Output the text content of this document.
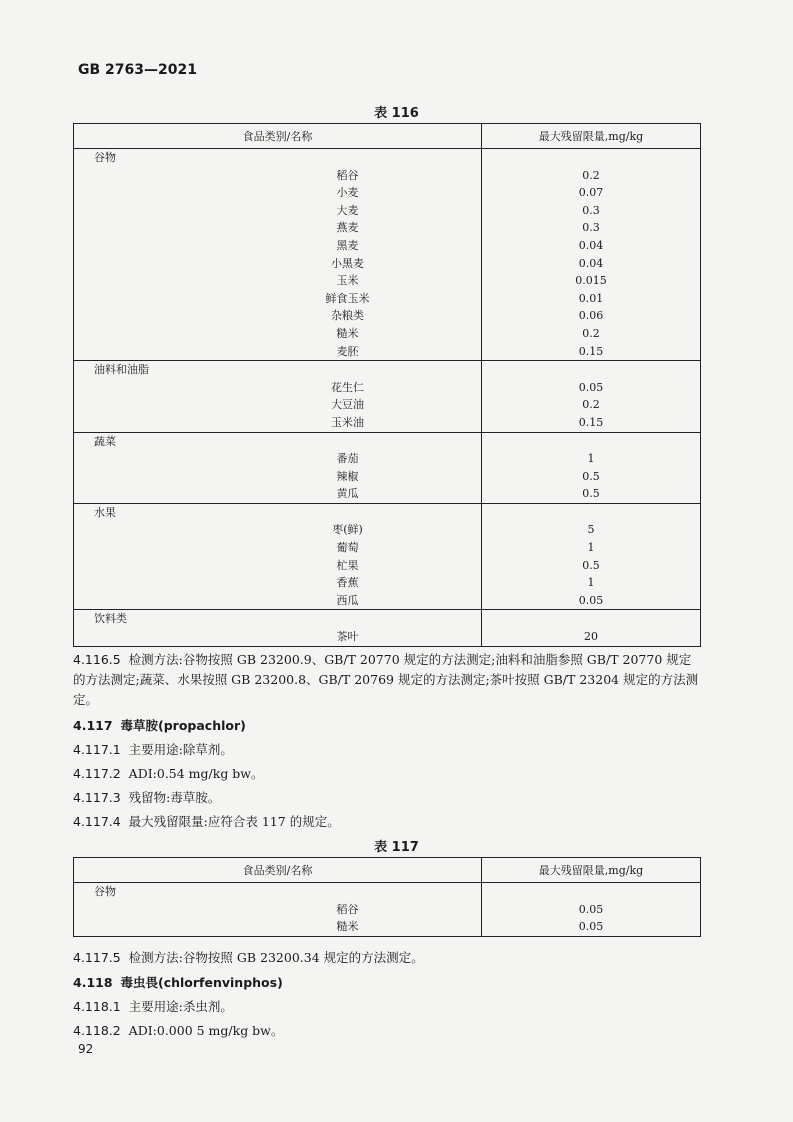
GB 2763—2021
表 116
食品类别/名称	最大残留限量,mg/kg
谷物	
稻谷	0.2
小麦	0.07
大麦	0.3
燕麦	0.3
黑麦	0.04
小黑麦	0.04
玉米	0.015
鲜食玉米	0.01
杂粮类	0.06
糙米	0.2
麦胚	0.15
油料和油脂	
花生仁	0.05
大豆油	0.2
玉米油	0.15
蔬菜	
番茄	1
辣椒	0.5
黄瓜	0.5
水果	
枣(鲜)	5
葡萄	1
杧果	0.5
香蕉	1
西瓜	0.05
饮料类	
茶叶	20
4.116.5 检测方法:谷物按照 GB 23200.9、GB/T 20770 规定的方法测定;油料和油脂参照 GB/T 20770 规定的方法测定;蔬菜、水果按照 GB 23200.8、GB/T 20769 规定的方法测定;茶叶按照 GB/T 23204 规定的方法测定。
4.117 毒草胺(propachlor)
4.117.1 主要用途:除草剂。
4.117.2 ADI:0.54 mg/kg bw。
4.117.3 残留物:毒草胺。
4.117.4 最大残留限量:应符合表 117 的规定。
表 117
食品类别/名称	最大残留限量,mg/kg
谷物	
稻谷	0.05
糙米	0.05
4.117.5 检测方法:谷物按照 GB 23200.34 规定的方法测定。
4.118 毒虫畏(chlorfenvinphos)
4.118.1 主要用途:杀虫剂。
4.118.2 ADI:0.000 5 mg/kg bw。
92
